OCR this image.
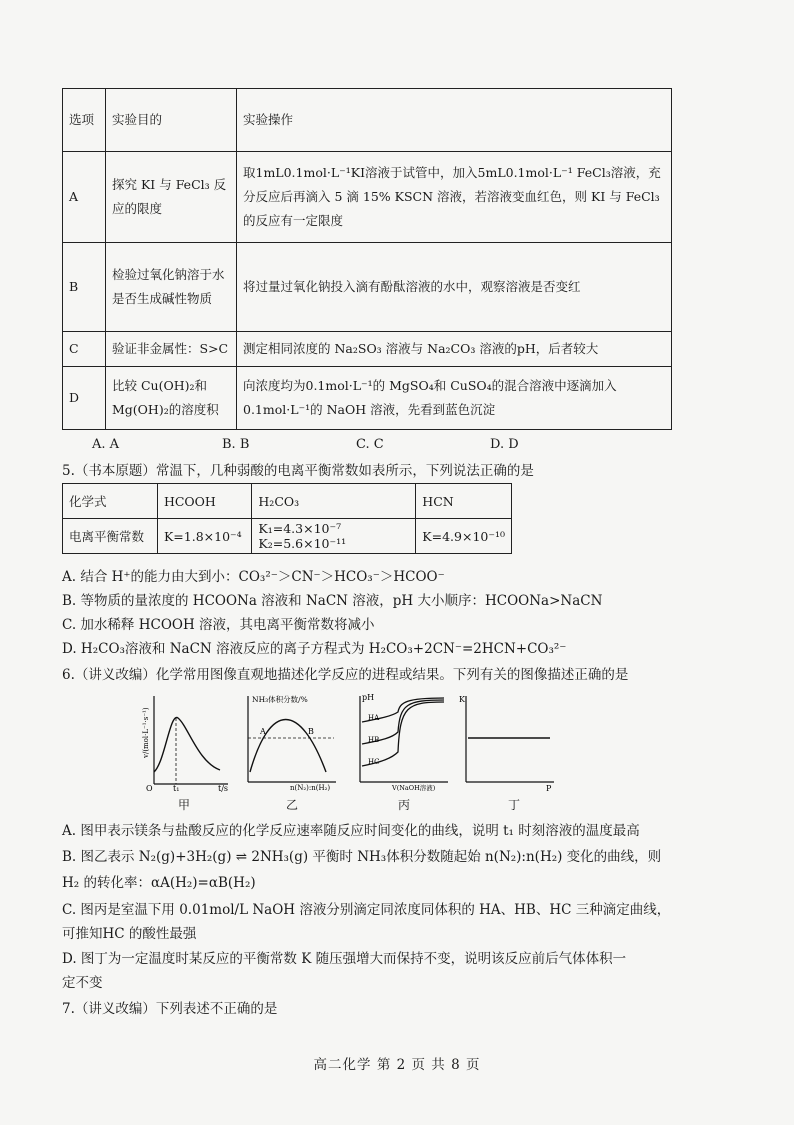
选项	实验目的	实验操作
A	探究 KI 与 FeCl₃ 反应的限度	取1mL0.1mol·L⁻¹KI溶液于试管中，加入5mL0.1mol·L⁻¹ FeCl₃溶液，充分反应后再滴入 5 滴 15% KSCN 溶液，若溶液变血红色，则 KI 与 FeCl₃ 的反应有一定限度
B	检验过氧化钠溶于水是否生成碱性物质	将过量过氧化钠投入滴有酚酞溶液的水中，观察溶液是否变红
C	验证非金属性：S>C	测定相同浓度的 Na₂SO₃ 溶液与 Na₂CO₃ 溶液的pH，后者较大
D	比较 Cu(OH)₂和 Mg(OH)₂的溶度积	向浓度均为0.1mol·L⁻¹的 MgSO₄和 CuSO₄的混合溶液中逐滴加入 0.1mol·L⁻¹的 NaOH 溶液，先看到蓝色沉淀
A. A	B. B	C. C	D. D
5.（书本原题）常温下，几种弱酸的电离平衡常数如表所示，下列说法正确的是
化学式	HCOOH	H₂CO₃	HCN
电离平衡常数	K=1.8×10⁻⁴	K₁=4.3×10⁻⁷ K₂=5.6×10⁻¹¹	K=4.9×10⁻¹⁰
A. 结合 H⁺的能力由大到小：CO₃²⁻＞CN⁻＞HCO₃⁻＞HCOO⁻
B. 等物质的量浓度的 HCOONa 溶液和 NaCN 溶液，pH 大小顺序：HCOONa>NaCN
C. 加水稀释 HCOOH 溶液，其电离平衡常数将减小
D. H₂CO₃溶液和 NaCN 溶液反应的离子方程式为 H₂CO₃+2CN⁻=2HCN+CO₃²⁻
6.（讲义改编）化学常用图像直观地描述化学反应的进程或结果。下列有关的图像描述正确的是
v/(mol·L⁻¹·s⁻¹)
O	t₁	t/s
甲
NH₃体积分数/%
A	B
n(N₂):n(H₂)
乙
pH
HA
HB
HC
V(NaOH溶液)
丙
K
P
丁
A. 图甲表示镁条与盐酸反应的化学反应速率随反应时间变化的曲线，说明 t₁ 时刻溶液的温度最高
B. 图乙表示 N₂(g)+3H₂(g) ⇌ 2NH₃(g) 平衡时 NH₃体积分数随起始 n(N₂):n(H₂) 变化的曲线，则
H₂ 的转化率：αA(H₂)=αB(H₂)
C. 图丙是室温下用 0.01mol/L NaOH 溶液分别滴定同浓度同体积的 HA、HB、HC 三种滴定曲线，
可推知HC 的酸性最强
D. 图丁为一定温度时某反应的平衡常数 K 随压强增大而保持不变，说明该反应前后气体体积一
定不变
7.（讲义改编）下列表述不正确的是
高二化学 第 2 页 共 8 页
